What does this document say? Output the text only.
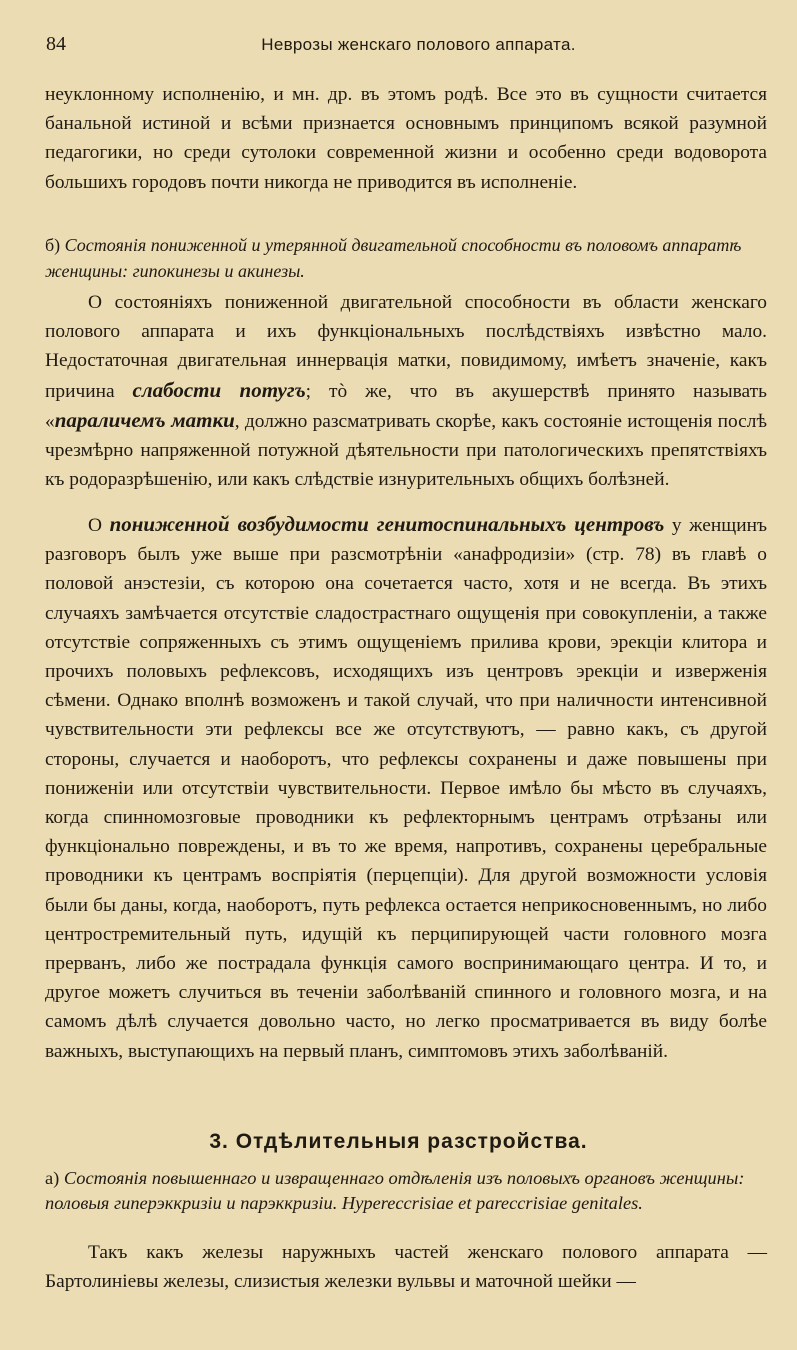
84	Неврозы женскаго полового аппарата.

неуклонному исполненію, и мн. др. въ этомъ родѣ. Все это въ сущности считается банальной истиной и всѣми признается основнымъ принципомъ всякой разумной педагогики, но среди сутолоки современной жизни и особенно среди водоворота большихъ городовъ почти никогда не приводится въ исполненіе.

б) Состоянія пониженной и утерянной двигательной способности въ половомъ аппаратѣ женщины: гипокинезы и акинезы.

О состояніяхъ пониженной двигательной способности въ области женскаго полового аппарата и ихъ функціональныхъ послѣдствіяхъ извѣстно мало. Недостаточная двигательная иннервація матки, повидимому, имѣетъ значеніе, какъ причина слабости потугъ; тò же, что въ акушерствѣ принято называть «параличемъ матки, должно разсматривать скорѣе, какъ состояніе истощенія послѣ чрезмѣрно напряженной потужной дѣятельности при патологическихъ препятствіяхъ къ родоразрѣшенію, или какъ слѣдствіе изнурительныхъ общихъ болѣзней.

О пониженной возбудимости генитоспинальныхъ центровъ у женщинъ разговоръ былъ уже выше при разсмотрѣніи «анафродизіи» (стр. 78) въ главѣ о половой анэстезіи, съ которою она сочетается часто, хотя и не всегда. Въ этихъ случаяхъ замѣчается отсутствіе сладострастнаго ощущенія при совокупленіи, а также отсутствіе сопряженныхъ съ этимъ ощущеніемъ прилива крови, эрекціи клитора и прочихъ половыхъ рефлексовъ, исходящихъ изъ центровъ эрекціи и изверженія сѣмени. Однако вполнѣ возможенъ и такой случай, что при наличности интенсивной чувствительности эти рефлексы все же отсутствуютъ, — равно какъ, съ другой стороны, случается и наоборотъ, что рефлексы сохранены и даже повышены при пониженіи или отсутствіи чувствительности. Первое имѣло бы мѣсто въ случаяхъ, когда спинномозговые проводники къ рефлекторнымъ центрамъ отрѣзаны или функціонально повреждены, и въ то же время, напротивъ, сохранены церебральные проводники къ центрамъ воспріятія (перцепціи). Для другой возможности условія были бы даны, когда, наоборотъ, путь рефлекса остается неприкосновеннымъ, но либо центростремительный путь, идущій къ перципирующей части головного мозга прерванъ, либо же пострадала функція самого воспринимающаго центра. И то, и другое можетъ случиться въ теченіи заболѣваній спинного и головного мозга, и на самомъ дѣлѣ случается довольно часто, но легко просматривается въ виду болѣе важныхъ, выступающихъ на первый планъ, симптомовъ этихъ заболѣваній.

3. Отдѣлительныя разстройства.
а) Состоянія повышеннаго и извращеннаго отдѣленія изъ половыхъ органовъ женщины: половыя гиперэккризіи и парэккризіи. Hypereccrisiae et pareccrisiae genitales.

Такъ какъ железы наружныхъ частей женскаго полового аппарата — Бартолиніевы железы, слизистыя железки вульвы и маточной шейки —
